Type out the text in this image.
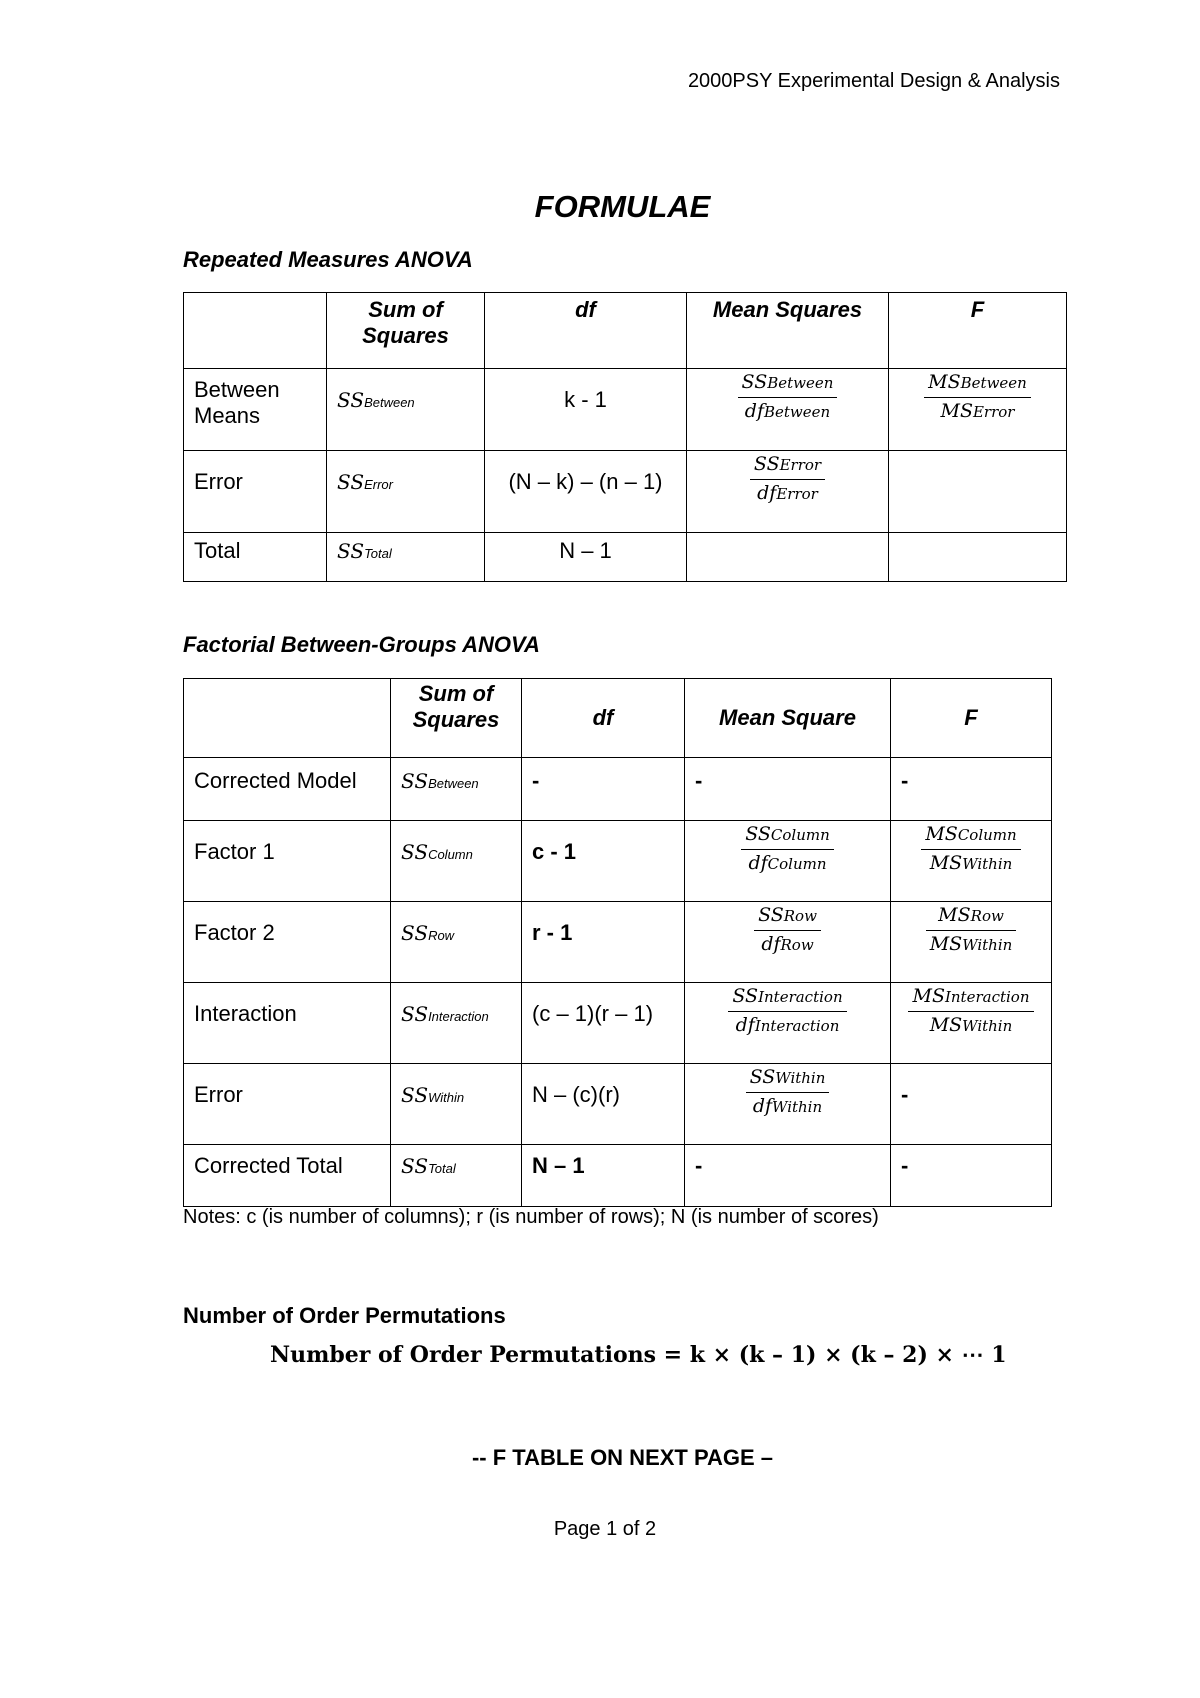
2000PSY Experimental Design & Analysis
FORMULAE
Repeated Measures ANOVA
	Sum of Squares	df	Mean Squares	F
Between Means	SSBetween	k - 1	$\frac{\text{SSBetween}}{\text{dfBetween}}$	$\frac{\text{MSBetween}}{\text{MSError}}$

Error	SSError	(N – k) – (n – 1)	$\frac{\text{SSError}}{\text{dfError}}$

Total	SSTotal	N – 1		
Factorial Between-Groups ANOVA
	Sum of Squares	df	Mean Square	F
Corrected Model	SSBetween	-	-	-
Factor 1	SSColumn	c - 1	$\frac{\text{SSColumn}}{\text{dfColumn}}$	$\frac{\text{MSColumn}}{\text{MSWithin}}$

Factor 2	SSRow	r - 1	$\frac{\text{SSRow}}{\text{dfRow}}$	$\frac{\text{MSRow}}{\text{MSWithin}}$

Interaction	SSInteraction	(c – 1)(r – 1)	$\frac{\text{SSInteraction}}{\text{dfInteraction}}$	$\frac{\text{MSInteraction}}{\text{MSWithin}}$

Error	SSWithin	N – (c)(r)	$\frac{\text{SSWithin}}{\text{dfWithin}}$	-
Corrected Total	SSTotal	N – 1	-	-
Notes: c (is number of columns); r (is number of rows); N (is number of scores)
Number of Order Permutations
Number of Order Permutations = k × (k – 1) × (k – 2) × ⋯ 1
-- F TABLE ON NEXT PAGE –
Page 1 of 2
